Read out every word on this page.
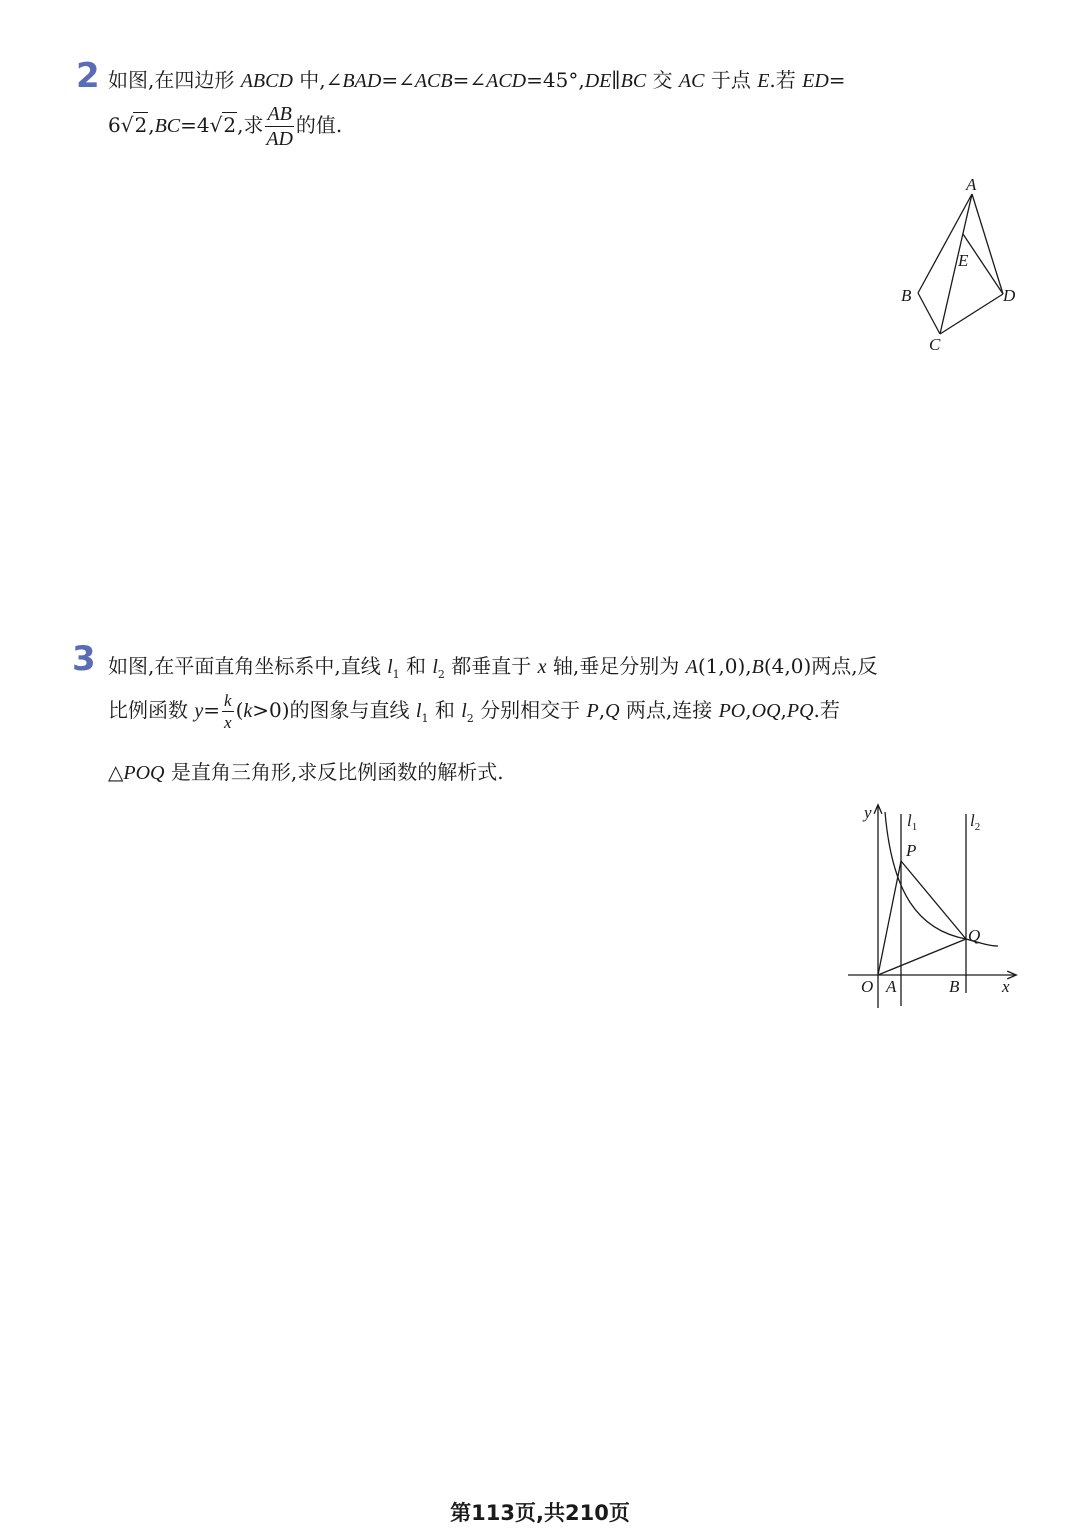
2 如图,在四边形 ABCD 中,∠BAD=∠ACB=∠ACD=45°,DE∥BC 交 AC 于点 E.若 ED=
6√2,BC=4√2,求 $\frac{AB}{AD}$ 的值.
A
E
B	D
C
3 如图,在平面直角坐标系中,直线 $l_1$ 和 $l_2$ 都垂直于 x 轴,垂足分别为 A(1,0),B(4,0)两点,反
比例函数 $y= \frac{k}{x} (k>0)$的图象与直线 $l_1$ 和 $l_2$ 分别相交于 P,Q 两点,连接 PO,OQ,PQ.若
△POQ 是直角三角形,求反比例函数的解析式.
y $l_1$	$l_2$
P
Q
O A	B	x
第113页,共210页
